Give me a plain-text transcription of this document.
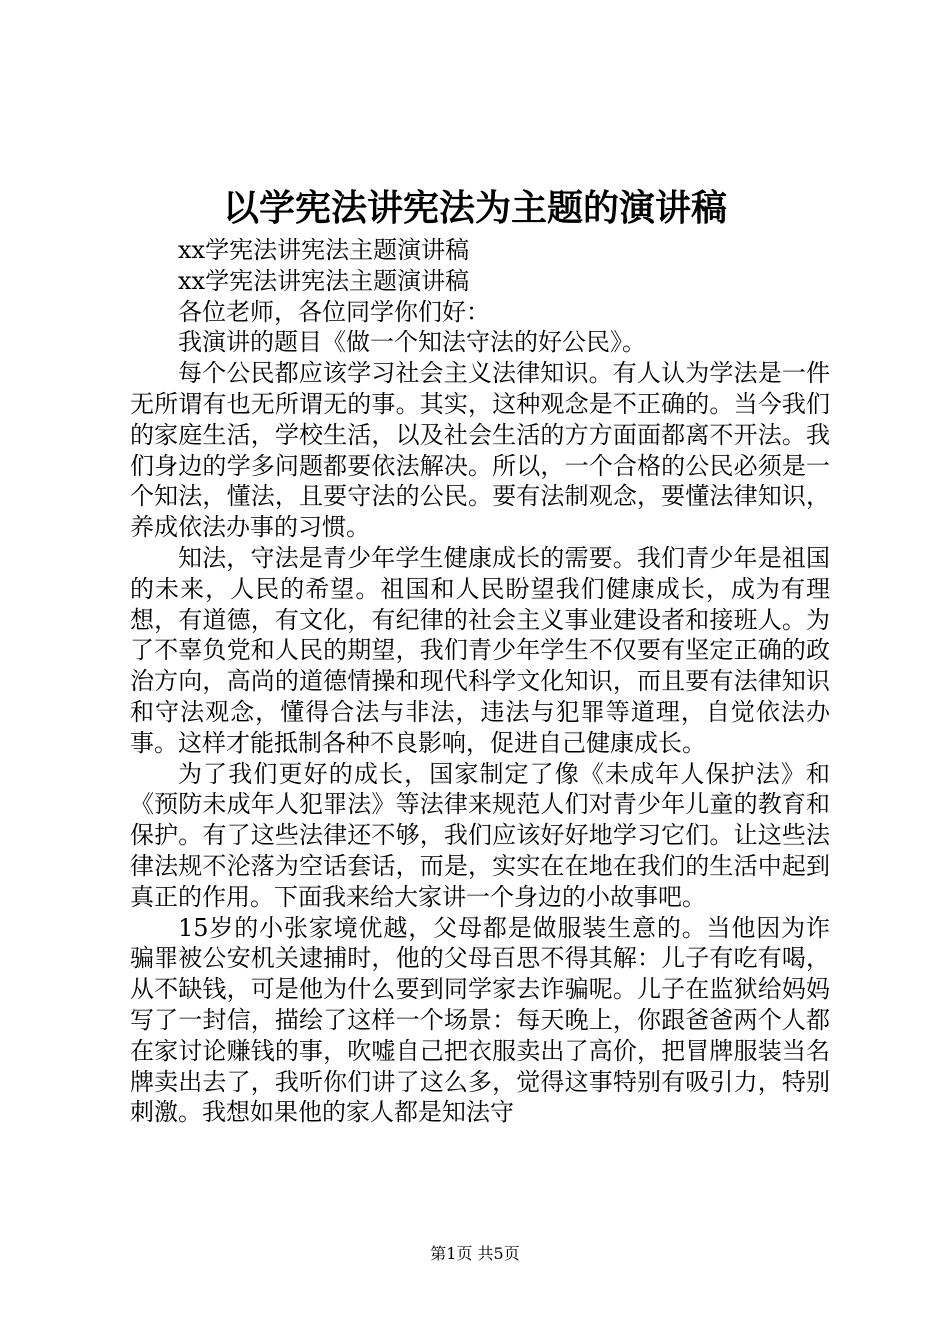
以学宪法讲宪法为主题的演讲稿

xx学宪法讲宪法主题演讲稿

xx学宪法讲宪法主题演讲稿

各位老师，各位同学你们好：

我演讲的题目《做一个知法守法的好公民》。

每个公民都应该学习社会主义法律知识。有人认为学法是一件无所谓有也无所谓无的事。其实，这种观念是不正确的。当今我们的家庭生活，学校生活，以及社会生活的方方面面都离不开法。我们身边的学多问题都要依法解决。所以，一个合格的公民必须是一个知法，懂法，且要守法的公民。要有法制观念，要懂法律知识，养成依法办事的习惯。

知法，守法是青少年学生健康成长的需要。我们青少年是祖国的未来，人民的希望。祖国和人民盼望我们健康成长，成为有理想，有道德，有文化，有纪律的社会主义事业建设者和接班人。为了不辜负党和人民的期望，我们青少年学生不仅要有坚定正确的政治方向，高尚的道德情操和现代科学文化知识，而且要有法律知识和守法观念，懂得合法与非法，违法与犯罪等道理，自觉依法办事。这样才能抵制各种不良影响，促进自己健康成长。

为了我们更好的成长，国家制定了像《未成年人保护法》和《预防未成年人犯罪法》等法律来规范人们对青少年儿童的教育和保护。有了这些法律还不够，我们应该好好地学习它们。让这些法律法规不沦落为空话套话，而是，实实在在地在我们的生活中起到真正的作用。下面我来给大家讲一个身边的小故事吧。

15岁的小张家境优越，父母都是做服装生意的。当他因为诈骗罪被公安机关逮捕时，他的父母百思不得其解：儿子有吃有喝，从不缺钱，可是他为什么要到同学家去诈骗呢。儿子在监狱给妈妈写了一封信，描绘了这样一个场景：每天晚上，你跟爸爸两个人都在家讨论赚钱的事，吹嘘自己把衣服卖出了高价，把冒牌服装当名牌卖出去了，我听你们讲了这么多，觉得这事特别有吸引力，特别刺激。我想如果他的家人都是知法守

第1页 共5页
